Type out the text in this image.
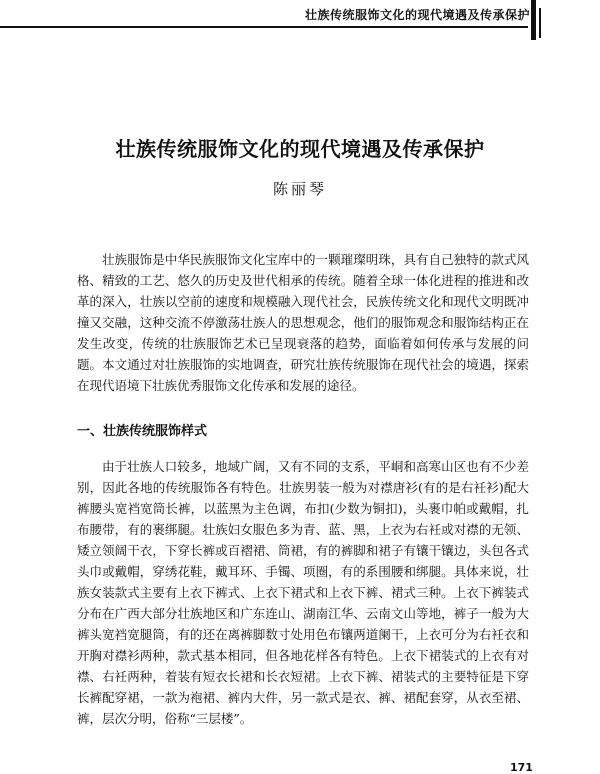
壮族传统服饰文化的现代境遇及传承保护
壮族传统服饰文化的现代境遇及传承保护
陈丽琴

壮族服饰是中华民族服饰文化宝库中的一颗璀璨明珠，具有自己独特的款式风格、精致的工艺、悠久的历史及世代相承的传统。随着全球一体化进程的推进和改革的深入，壮族以空前的速度和规模融入现代社会，民族传统文化和现代文明既冲撞又交融，这种交流不停激荡壮族人的思想观念，他们的服饰观念和服饰结构正在发生改变，传统的壮族服饰艺术已呈现衰落的趋势，面临着如何传承与发展的问题。本文通过对壮族服饰的实地调查，研究壮族传统服饰在现代社会的境遇，探索在现代语境下壮族优秀服饰文化传承和发展的途径。

一、壮族传统服饰样式

由于壮族人口较多，地域广阔，又有不同的支系，平峒和高寒山区也有不少差别，因此各地的传统服饰各有特色。壮族男装一般为对襟唐衫(有的是右衽衫)配大裤腰头宽裆宽筒长裤，以蓝黑为主色调，布扣(少数为铜扣)，头裹巾帕或戴帽，扎布腰带，有的裹绑腿。壮族妇女服色多为青、蓝、黑，上衣为右衽或对襟的无领、矮立领阔干衣，下穿长裤或百褶裙、筒裙，有的裤脚和裙子有镶干镶边，头包各式头巾或戴帽，穿绣花鞋，戴耳环、手镯、项圈，有的系围腰和绑腿。具体来说，壮族女装款式主要有上衣下裤式、上衣下裙式和上衣下裤、裙式三种。上衣下裤装式分布在广西大部分壮族地区和广东连山、湖南江华、云南文山等地，裤子一般为大裤头宽裆宽腿筒，有的还在离裤脚数寸处用色布镶两道阑干，上衣可分为右衽衣和开胸对襟衫两种，款式基本相同，但各地花样各有特色。上衣下裙装式的上衣有对襟、右衽两种，着装有短衣长裙和长衣短裙。上衣下裤、裙装式的主要特征是下穿长裤配穿裙，一款为袍裙、裤内大件，另一款式是衣、裤、裙配套穿，从衣至裙、裤，层次分明，俗称“三层楼”。

171
